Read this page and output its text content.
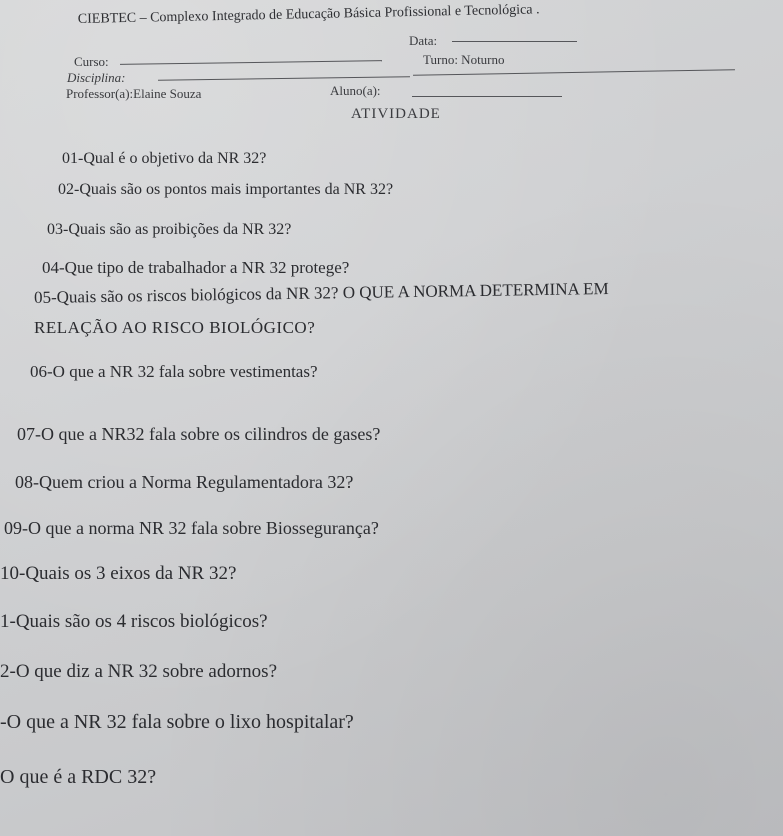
CIEBTEC – Complexo Integrado de Educação Básica Profissional e Tecnológica .
Data:
Curso:	Turno: Noturno
Disciplina:
Professor(a):Elaine Souza	Aluno(a):
ATIVIDADE
01-Qual é o objetivo da NR 32?
02-Quais são os pontos mais importantes da NR 32?
03-Quais são as proibições da NR 32?
04-Que tipo de trabalhador a NR 32 protege?
05-Quais são os riscos biológicos da NR 32? O QUE A NORMA DETERMINA EM
RELAÇÃO AO RISCO BIOLÓGICO?
06-O que a NR 32 fala sobre vestimentas?
07-O que a NR32 fala sobre os cilindros de gases?
08-Quem criou a Norma Regulamentadora 32?
09-O que a norma NR 32 fala sobre Biossegurança?
10-Quais os 3 eixos da NR 32?
1-Quais são os 4 riscos biológicos?
2-O que diz a NR 32 sobre adornos?
-O que a NR 32 fala sobre o lixo hospitalar?
O que é a RDC 32?
